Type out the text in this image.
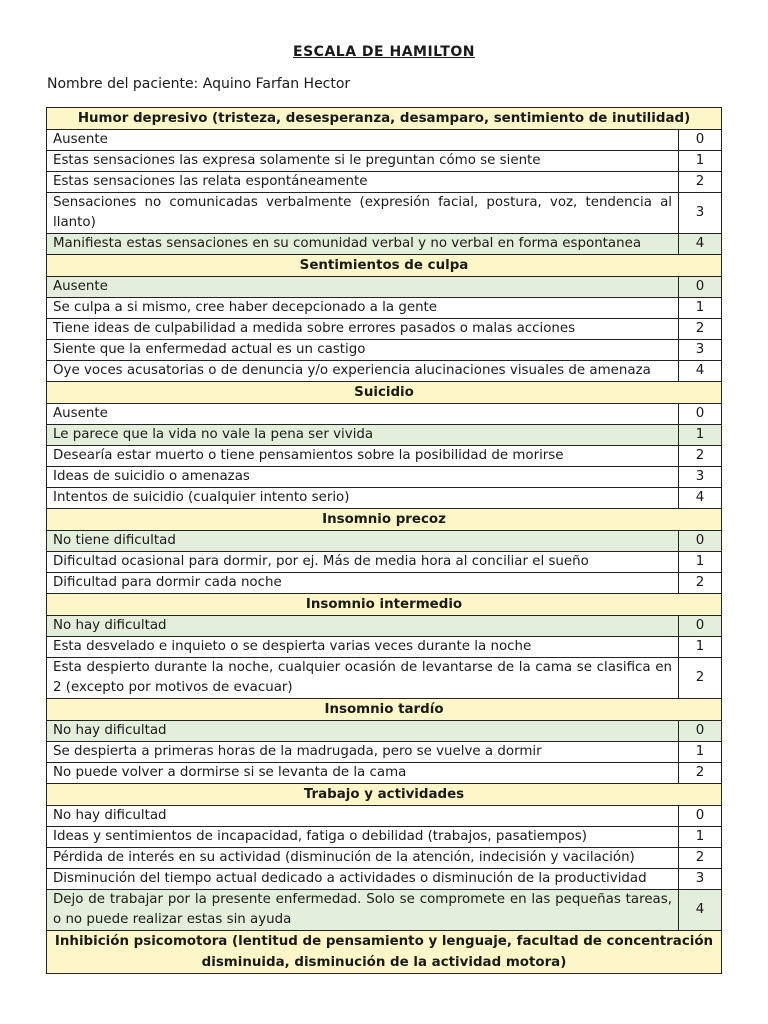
ESCALA DE HAMILTON
Nombre del paciente: Aquino Farfan Hector
Humor depresivo (tristeza, desesperanza, desamparo, sentimiento de inutilidad)	
Ausente	0
Estas sensaciones las expresa solamente si le preguntan cómo se siente	1
Estas sensaciones las relata espontáneamente	2
Sensaciones no comunicadas verbalmente (expresión facial, postura, voz, tendencia al llanto)	3
Manifiesta estas sensaciones en su comunidad verbal y no verbal en forma espontanea	4
Sentimientos de culpa	
Ausente	0
Se culpa a si mismo, cree haber decepcionado a la gente	1
Tiene ideas de culpabilidad a medida sobre errores pasados o malas acciones	2
Siente que la enfermedad actual es un castigo	3
Oye voces acusatorias o de denuncia y/o experiencia alucinaciones visuales de amenaza	4
Suicidio	
Ausente	0
Le parece que la vida no vale la pena ser vivida	1
Desearía estar muerto o tiene pensamientos sobre la posibilidad de morirse	2
Ideas de suicidio o amenazas	3
Intentos de suicidio (cualquier intento serio)	4
Insomnio precoz	
No tiene dificultad	0
Dificultad ocasional para dormir, por ej. Más de media hora al conciliar el sueño	1
Dificultad para dormir cada noche	2
Insomnio intermedio	
No hay dificultad	0
Esta desvelado e inquieto o se despierta varias veces durante la noche	1
Esta despierto durante la noche, cualquier ocasión de levantarse de la cama se clasifica en 2 (excepto por motivos de evacuar)	2
Insomnio tardío	
No hay dificultad	0
Se despierta a primeras horas de la madrugada, pero se vuelve a dormir	1
No puede volver a dormirse si se levanta de la cama	2
Trabajo y actividades	
No hay dificultad	0
Ideas y sentimientos de incapacidad, fatiga o debilidad (trabajos, pasatiempos)	1
Pérdida de interés en su actividad (disminución de la atención, indecisión y vacilación)	2
Disminución del tiempo actual dedicado a actividades o disminución de la productividad	3
Dejo de trabajar por la presente enfermedad. Solo se compromete en las pequeñas tareas, o no puede realizar estas sin ayuda	4
Inhibición psicomotora (lentitud de pensamiento y lenguaje, facultad de concentración disminuida, disminución de la actividad motora)	
